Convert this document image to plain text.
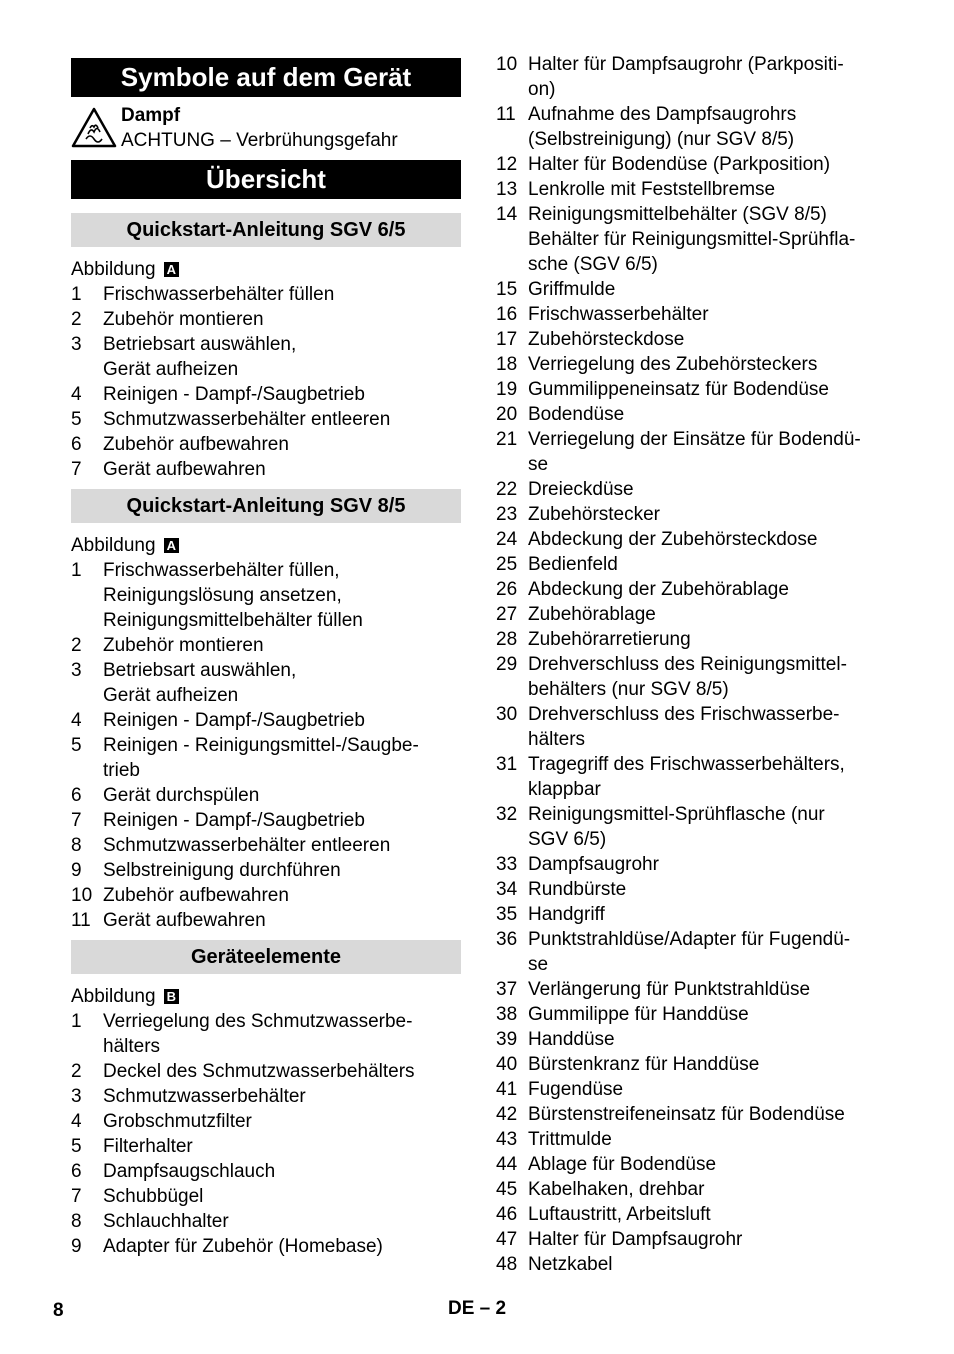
Symbole auf dem Gerät
Dampf
ACHTUNG – Verbrühungsgefahr
Übersicht
Quickstart-Anleitung SGV 6/5
Abbildung A
1	Frischwasserbehälter füllen
2	Zubehör montieren
3	Betriebsart auswählen,
Gerät aufheizen
4	Reinigen - Dampf-/Saugbetrieb
5	Schmutzwasserbehälter entleeren
6	Zubehör aufbewahren
7	Gerät aufbewahren
Quickstart-Anleitung SGV 8/5
Abbildung A
1	Frischwasserbehälter füllen,
Reinigungslösung ansetzen,
Reinigungsmittelbehälter füllen
2	Zubehör montieren
3	Betriebsart auswählen,
Gerät aufheizen
4	Reinigen - Dampf-/Saugbetrieb
5	Reinigen - Reinigungsmittel-/Saugbe-
trieb
6	Gerät durchspülen
7	Reinigen - Dampf-/Saugbetrieb
8	Schmutzwasserbehälter entleeren
9	Selbstreinigung durchführen
10 Zubehör aufbewahren
11 Gerät aufbewahren
Geräteelemente
Abbildung B
1	Verriegelung des Schmutzwasserbe-
hälters
2	Deckel des Schmutzwasserbehälters
3	Schmutzwasserbehälter
4	Grobschmutzfilter
5	Filterhalter
6	Dampfsaugschlauch
7	Schubbügel
8	Schlauchhalter
9	Adapter für Zubehör (Homebase)
10 Halter für Dampfsaugrohr (Parkpositi-
on)
11 Aufnahme des Dampfsaugrohrs
(Selbstreinigung) (nur SGV 8/5)
12 Halter für Bodendüse (Parkposition)
13 Lenkrolle mit Feststellbremse
14 Reinigungsmittelbehälter (SGV 8/5)
Behälter für Reinigungsmittel-Sprühfla-
sche (SGV 6/5)
15 Griffmulde
16 Frischwasserbehälter
17 Zubehörsteckdose
18 Verriegelung des Zubehörsteckers
19 Gummilippeneinsatz für Bodendüse
20 Bodendüse
21 Verriegelung der Einsätze für Bodendü-
se
22 Dreieckdüse
23 Zubehörstecker
24 Abdeckung der Zubehörsteckdose
25 Bedienfeld
26 Abdeckung der Zubehörablage
27 Zubehörablage
28 Zubehörarretierung
29 Drehverschluss des Reinigungsmittel-
behälters (nur SGV 8/5)
30 Drehverschluss des Frischwasserbe-
hälters
31 Tragegriff des Frischwasserbehälters,
klappbar
32 Reinigungsmittel-Sprühflasche (nur
SGV 6/5)
33 Dampfsaugrohr
34 Rundbürste
35 Handgriff
36 Punktstrahldüse/Adapter für Fugendü-
se
37 Verlängerung für Punktstrahldüse
38 Gummilippe für Handdüse
39 Handdüse
40 Bürstenkranz für Handdüse
41 Fugendüse
42 Bürstenstreifeneinsatz für Bodendüse
43 Trittmulde
44 Ablage für Bodendüse
45 Kabelhaken, drehbar
46 Luftaustritt, Arbeitsluft
47 Halter für Dampfsaugrohr
48 Netzkabel
8	DE – 2
